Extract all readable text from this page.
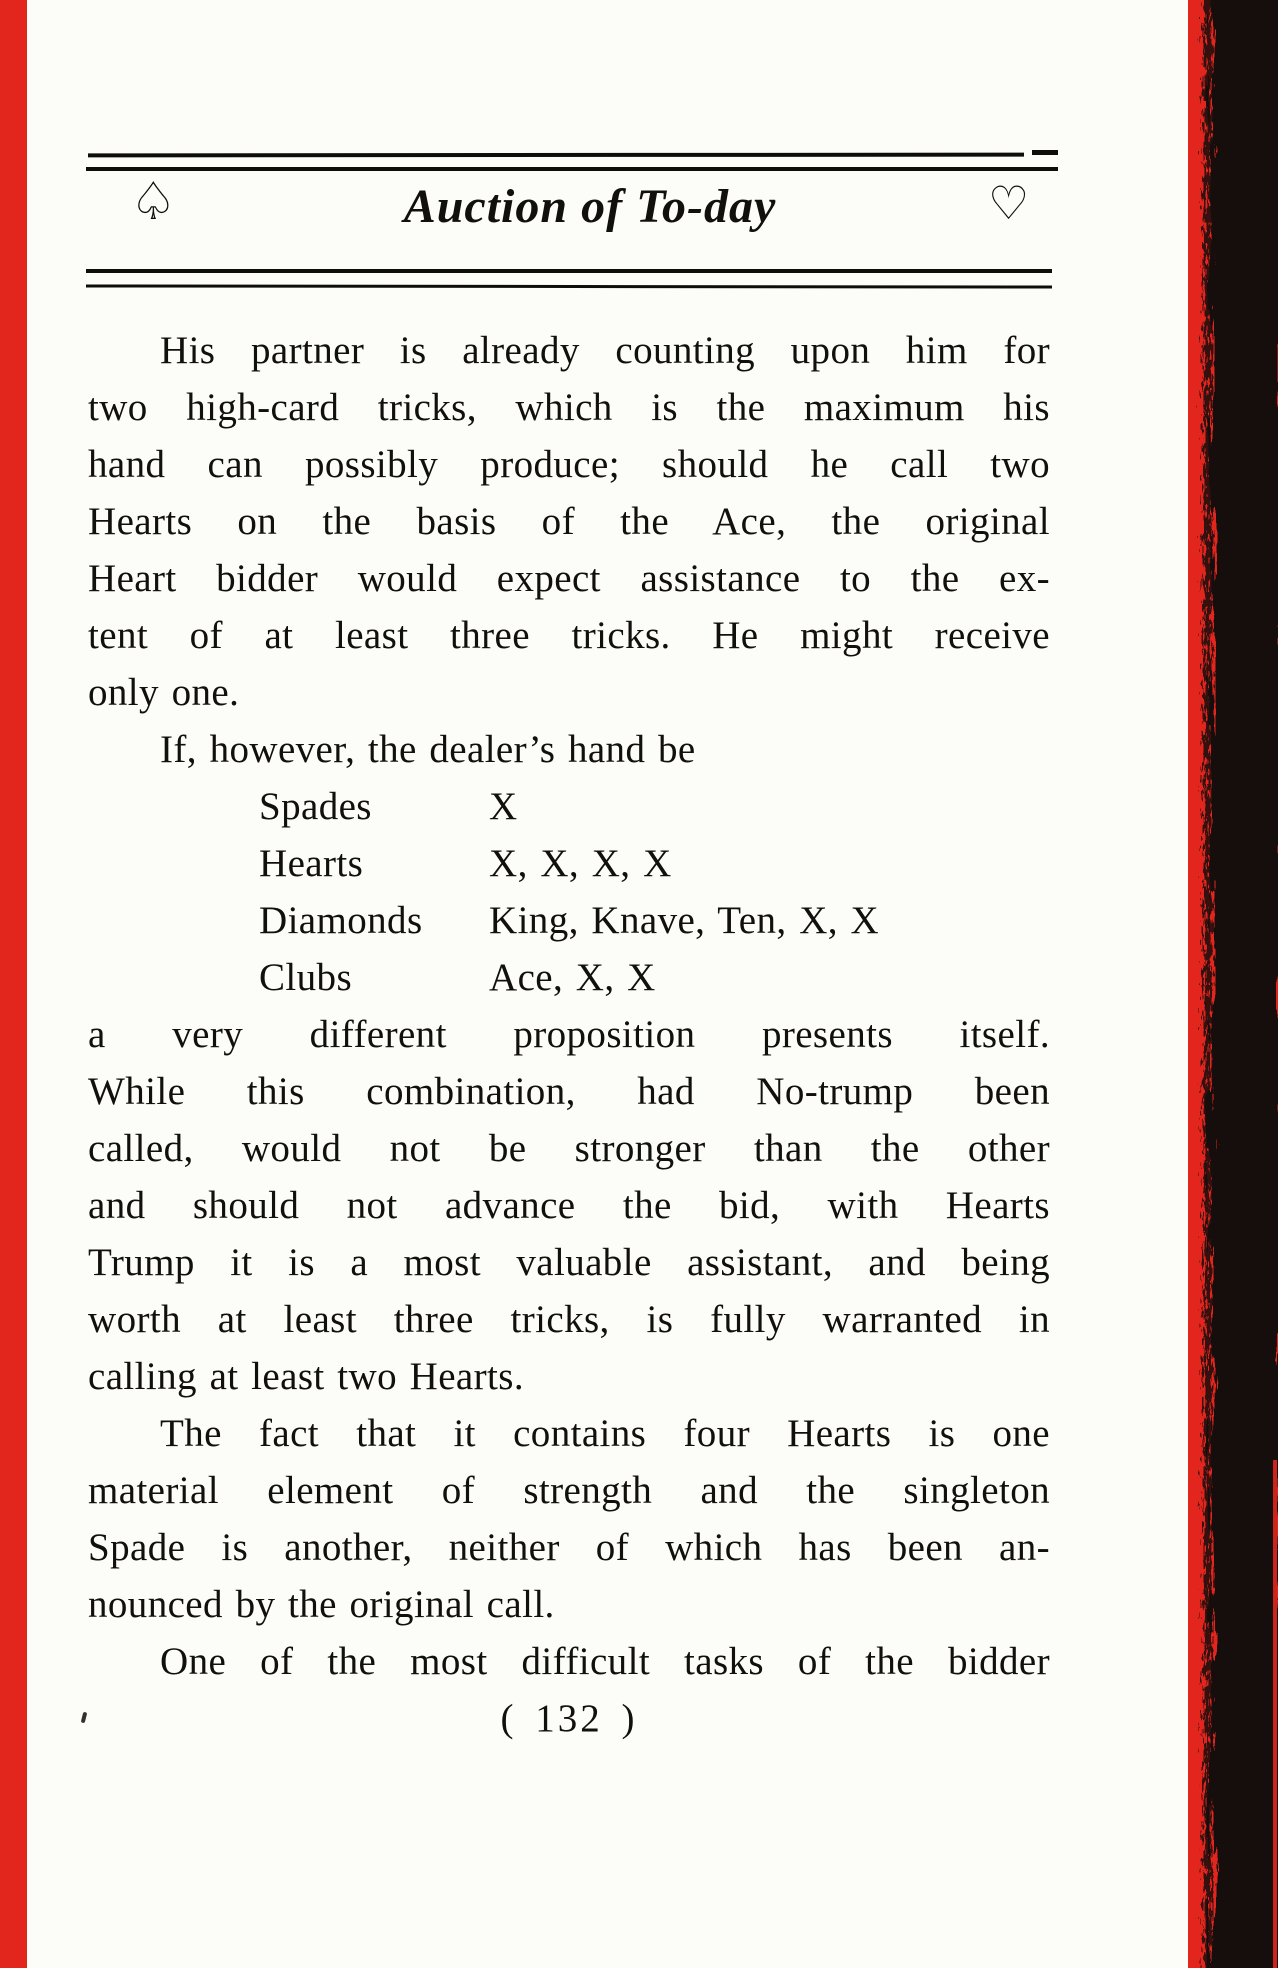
♤	Auction of To-day	♡
His partner is already counting upon him for
two high-card tricks, which is the maximum his
hand can possibly produce; should he call two
Hearts on the basis of the Ace, the original
Heart bidder would expect assistance to the ex-
tent of at least three tricks. He might receive
only one.
If, however, the dealer’s hand be
a very different proposition presents itself.
While this combination, had No-trump been
called, would not be stronger than the other
and should not advance the bid, with Hearts
Trump it is a most valuable assistant, and being
worth at least three tricks, is fully warranted in
calling at least two Hearts.
The fact that it contains four Hearts is one
material element of strength and the singleton
Spade is another, neither of which has been an-
nounced by the original call.
One of the most difficult tasks of the bidder
Spades	X
Hearts	X, X, X, X
Diamonds King, Knave, Ten, X, X
Clubs	Ace, X, X
( 132 )
